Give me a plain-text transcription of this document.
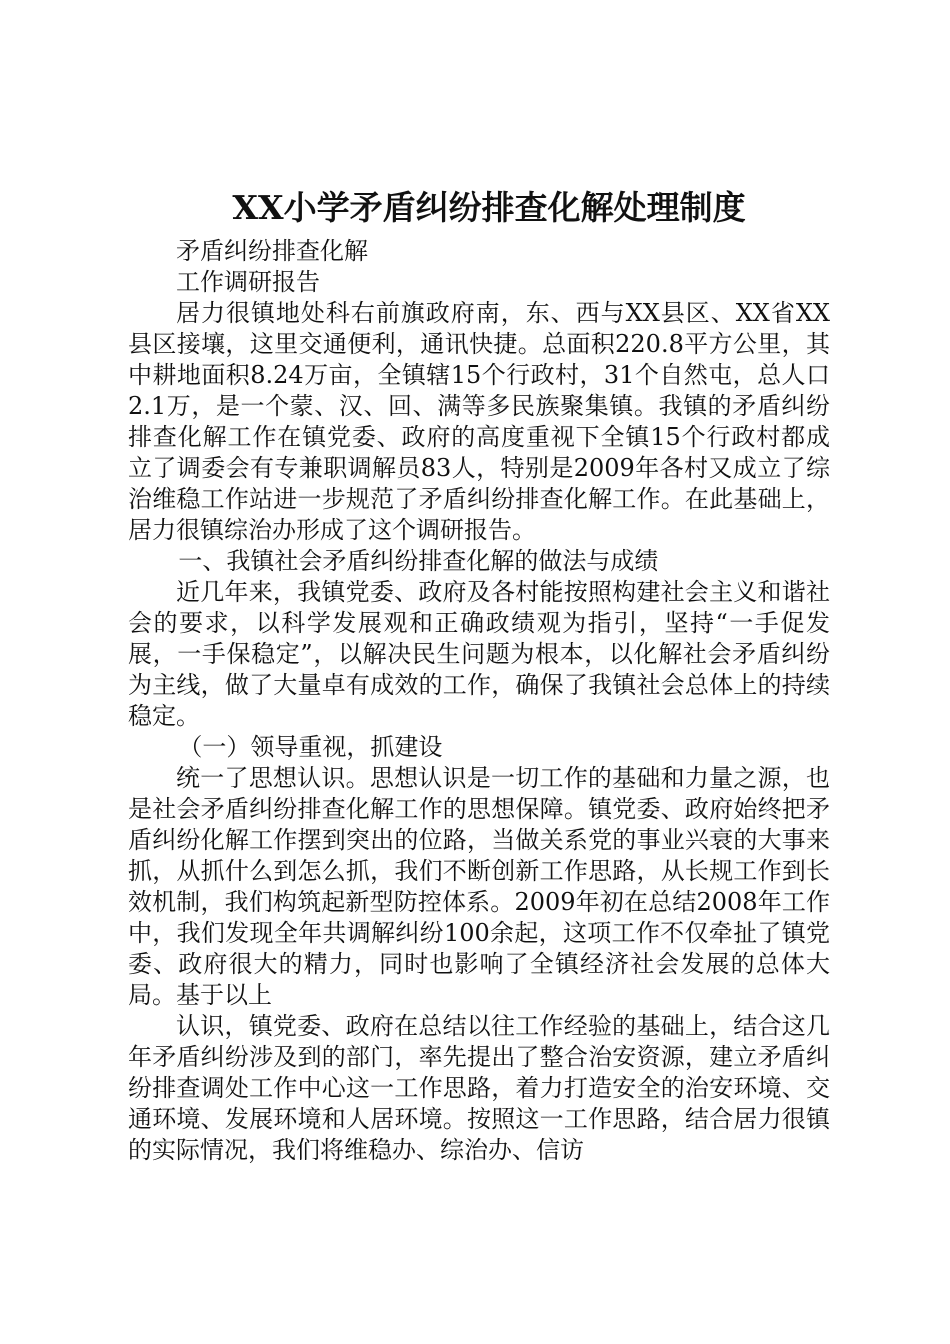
XX小学矛盾纠纷排查化解处理制度

矛盾纠纷排查化解

工作调研报告

居力很镇地处科右前旗政府南，东、西与XX县区、XX省XX县区接壤，这里交通便利，通讯快捷。总面积220.8平方公里，其中耕地面积8.24万亩，全镇辖15个行政村，31个自然屯，总人口2.1万，是一个蒙、汉、回、满等多民族聚集镇。我镇的矛盾纠纷排查化解工作在镇党委、政府的高度重视下全镇15个行政村都成立了调委会有专兼职调解员83人，特别是2009年各村又成立了综治维稳工作站进一步规范了矛盾纠纷排查化解工作。在此基础上，居力很镇综治办形成了这个调研报告。

一、我镇社会矛盾纠纷排查化解的做法与成绩

近几年来，我镇党委、政府及各村能按照构建社会主义和谐社会的要求，以科学发展观和正确政绩观为指引，坚持“一手促发展，一手保稳定”，以解决民生问题为根本，以化解社会矛盾纠纷为主线，做了大量卓有成效的工作，确保了我镇社会总体上的持续稳定。

（一）领导重视，抓建设

统一了思想认识。思想认识是一切工作的基础和力量之源，也是社会矛盾纠纷排查化解工作的思想保障。镇党委、政府始终把矛盾纠纷化解工作摆到突出的位路，当做关系党的事业兴衰的大事来抓，从抓什么到怎么抓，我们不断创新工作思路，从长规工作到长效机制，我们构筑起新型防控体系。2009年初在总结2008年工作中，我们发现全年共调解纠纷100余起，这项工作不仅牵扯了镇党委、政府很大的精力，同时也影响了全镇经济社会发展的总体大局。基于以上

认识，镇党委、政府在总结以往工作经验的基础上，结合这几年矛盾纠纷涉及到的部门，率先提出了整合治安资源，建立矛盾纠纷排查调处工作中心这一工作思路，着力打造安全的治安环境、交通环境、发展环境和人居环境。按照这一工作思路，结合居力很镇的实际情况，我们将维稳办、综治办、信访
